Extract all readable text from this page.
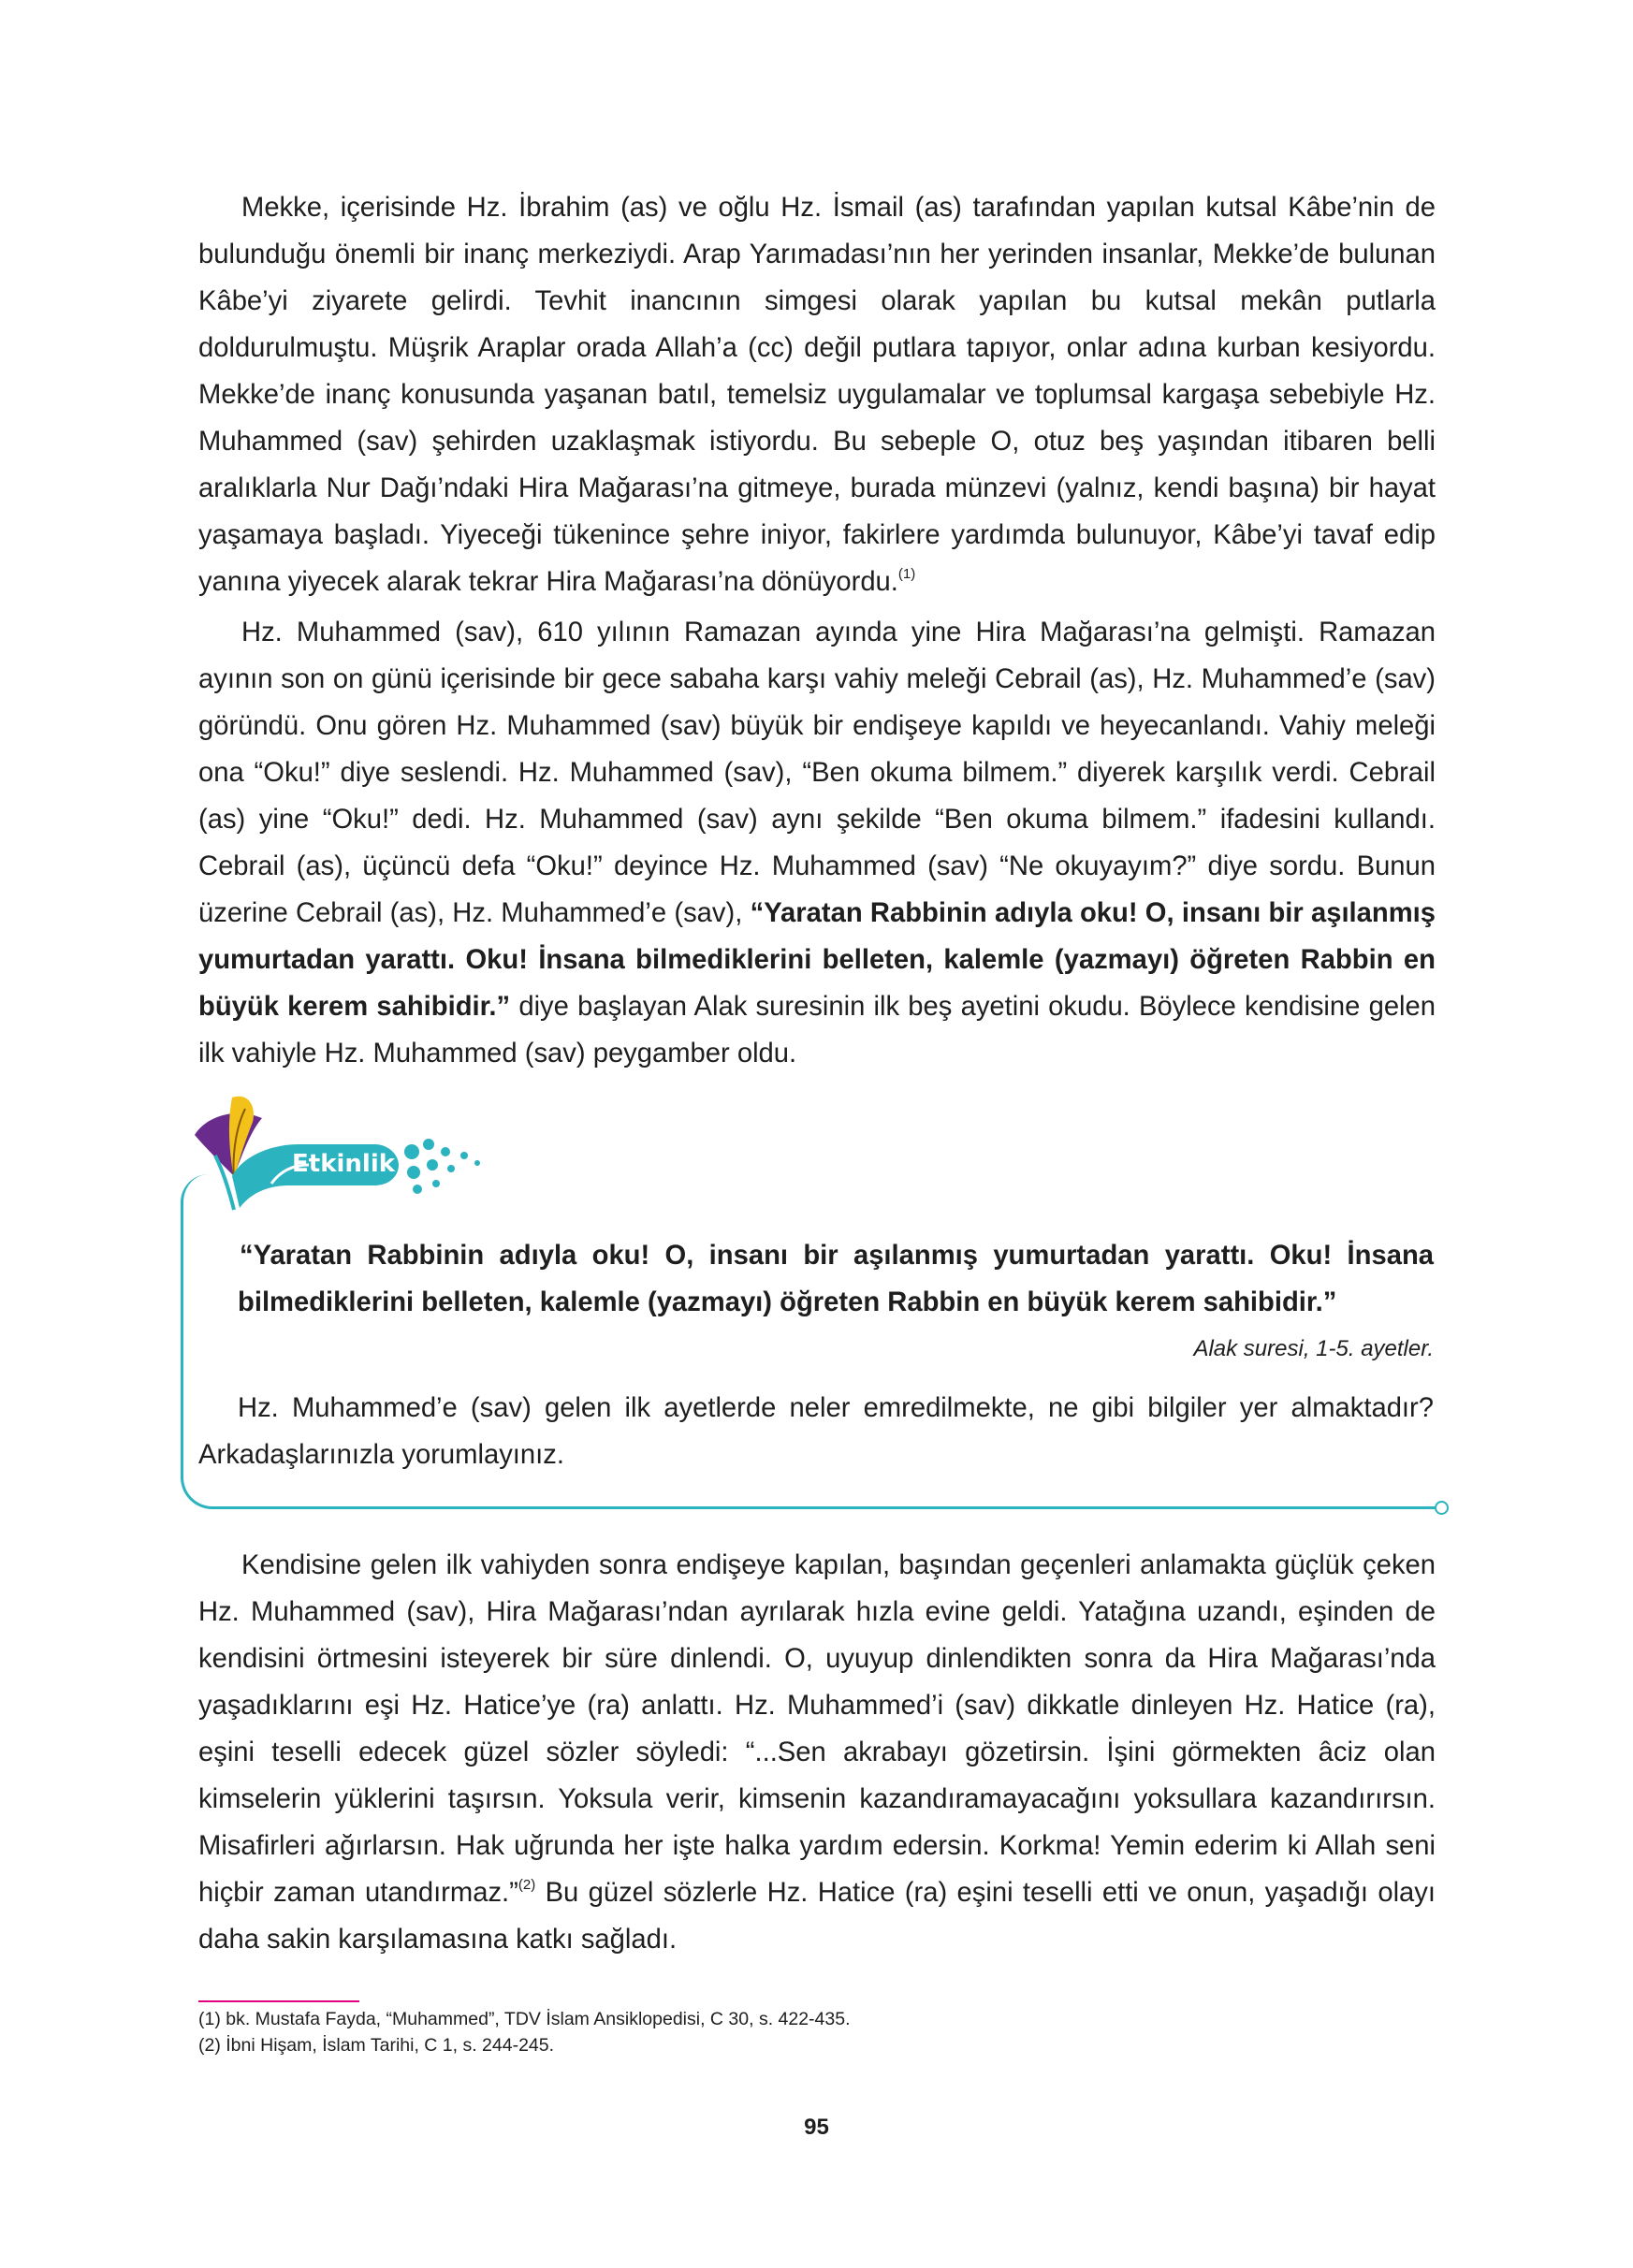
Mekke, içerisinde Hz. İbrahim (as) ve oğlu Hz. İsmail (as) tarafından yapılan kutsal Kâbe’nin de bulunduğu önemli bir inanç merkeziydi. Arap Yarımadası’nın her yerinden insanlar, Mekke’de bulunan Kâbe’yi ziyarete gelirdi. Tevhit inancının simgesi olarak yapılan bu kutsal mekân putlarla doldurulmuştu. Müşrik Araplar orada Allah’a (cc) değil putlara tapıyor, onlar adına kurban kesiyordu. Mekke’de inanç konusunda yaşanan batıl, temelsiz uygulamalar ve toplumsal kargaşa sebebiyle Hz. Muhammed (sav) şehirden uzaklaşmak istiyordu. Bu sebeple O, otuz beş yaşından itibaren belli aralıklarla Nur Dağı’ndaki Hira Mağarası’na gitmeye, burada münzevi (yalnız, kendi başına) bir hayat yaşamaya başladı. Yiyeceği tükenince şehre iniyor, fakirlere yardımda bulunuyor, Kâbe’yi tavaf edip yanına yiyecek alarak tekrar Hira Mağarası’na dönüyordu.$^{(1)}$

Hz. Muhammed (sav), 610 yılının Ramazan ayında yine Hira Mağarası’na gelmişti. Ramazan ayının son on günü içerisinde bir gece sabaha karşı vahiy meleği Cebrail (as), Hz. Muhammed’e (sav) göründü. Onu gören Hz. Muhammed (sav) büyük bir endişeye kapıldı ve heyecanlandı. Vahiy meleği ona “Oku!” diye seslendi. Hz. Muhammed (sav), “Ben okuma bilmem.” diyerek karşılık verdi. Cebrail (as) yine “Oku!” dedi. Hz. Muhammed (sav) aynı şekilde “Ben okuma bilmem.” ifadesini kullandı. Cebrail (as), üçüncü defa “Oku!” deyince Hz. Muhammed (sav) “Ne okuyayım?” diye sordu. Bunun üzerine Cebrail (as), Hz. Muhammed’e (sav), “Yaratan Rabbinin adıyla oku! O, insanı bir aşılanmış yumurtadan yarattı. Oku! İnsana bilmediklerini belleten, kalemle (yazmayı) öğreten Rabbin en büyük kerem sahibidir.” diye başlayan Alak suresinin ilk beş ayetini okudu. Böylece kendisine gelen ilk vahiyle Hz. Muhammed (sav) peygamber oldu.

Etkinlik

“Yaratan Rabbinin adıyla oku! O, insanı bir aşılanmış yumurtadan yarattı. Oku! İnsana bilmediklerini belleten, kalemle (yazmayı) öğreten Rabbin en büyük kerem sahibidir.”

Alak suresi, 1-5. ayetler.

Hz. Muhammed’e (sav) gelen ilk ayetlerde neler emredilmekte, ne gibi bilgiler yer almaktadır? Arkadaşlarınızla yorumlayınız.

Kendisine gelen ilk vahiyden sonra endişeye kapılan, başından geçenleri anlamakta güçlük çeken Hz. Muhammed (sav), Hira Mağarası’ndan ayrılarak hızla evine geldi. Yatağına uzandı, eşinden de kendisini örtmesini isteyerek bir süre dinlendi. O, uyuyup dinlendikten sonra da Hira Mağarası’nda yaşadıklarını eşi Hz. Hatice’ye (ra) anlattı. Hz. Muhammed’i (sav) dikkatle dinleyen Hz. Hatice (ra), eşini teselli edecek güzel sözler söyledi: “...Sen akrabayı gözetirsin. İşini görmekten âciz olan kimselerin yüklerini taşırsın. Yoksula verir, kimsenin kazandıramayacağını yoksullara kazandırırsın. Misafirleri ağırlarsın. Hak uğrunda her işte halka yardım edersin. Korkma! Yemin ederim ki Allah seni hiçbir zaman utandırmaz.”$^{(2)}$ Bu güzel sözlerle Hz. Hatice (ra) eşini teselli etti ve onun, yaşadığı olayı daha sakin karşılamasına katkı sağladı.

(1) bk. Mustafa Fayda, “Muhammed”, TDV İslam Ansiklopedisi, C 30, s. 422-435.

(2) İbni Hişam, İslam Tarihi, C 1, s. 244-245.

95
